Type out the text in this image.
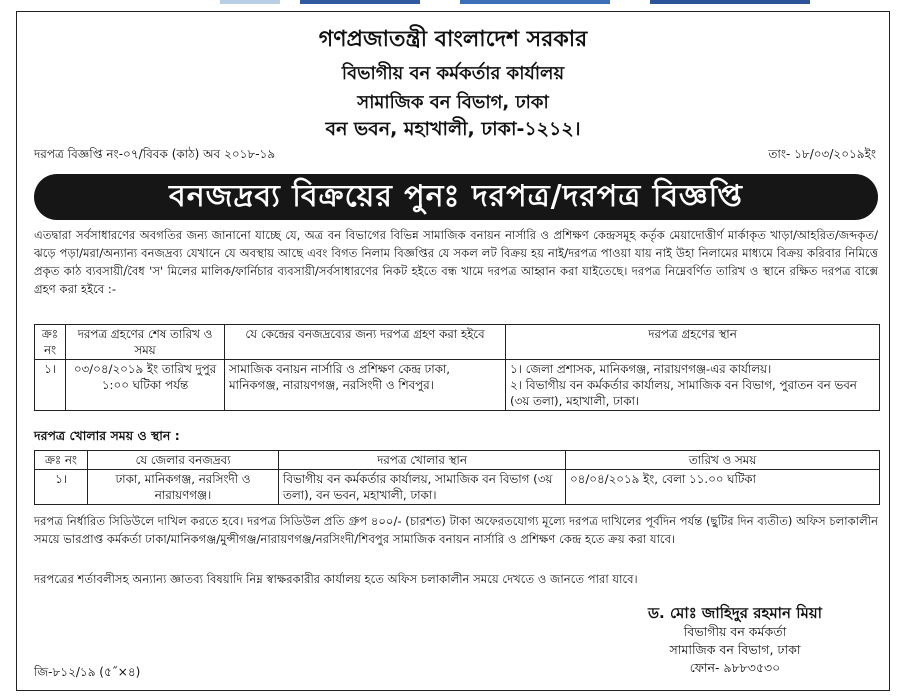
গণপ্রজাতন্ত্রী বাংলাদেশ সরকার
বিভাগীয় বন কর্মকর্তার কার্যালয়
সামাজিক বন বিভাগ, ঢাকা
বন ভবন, মহাখালী, ঢাকা-১২১২।
দরপত্র বিজ্ঞপ্তি নং-০৭/বিবক (কাঠ) অব ২০১৮-১৯	তাং- ১৮/০৩/২০১৯ইং
বনজদ্রব্য বিক্রয়ের পুনঃ দরপত্র/দরপত্র বিজ্ঞপ্তি
এতদ্বারা সর্বসাধারণের অবগতির জন্য জানানো যাচ্ছে যে, অত্র বন বিভাগের বিভিন্ন সামাজিক বনায়ন নার্সারি ও প্রশিক্ষণ কেন্দ্রসমূহ কর্তৃক মেয়াদোত্তীর্ণ মার্কাকৃত খাড়া/আহরিত/জব্দকৃত/ঝড়ে পড়া/মরা/অন্যান্য বনজদ্রব্য যেখানে যে অবস্থায় আছে এবং বিগত নিলাম বিজ্ঞপ্তির যে সকল লট বিক্রয় হয় নাই/দরপত্র পাওয়া যায় নাই উহা নিলামের মাধ্যমে বিক্রয় করিবার নিমিত্তে প্রকৃত কাঠ ব্যবসায়ী/বৈধ 'স' মিলের মালিক/ফার্নিচার ব্যবসায়ী/সর্বসাধারণের নিকট হইতে বন্ধ খামে দরপত্র আহ্বান করা যাইতেছে। দরপত্র নিম্নেবর্ণিত তারিখ ও স্থানে রক্ষিত দরপত্র বাক্সে গ্রহণ করা হইবে :-
ক্রঃ নং	দরপত্র গ্রহণের শেষ তারিখ ও সময়	যে কেন্দ্রের বনজদ্রব্যের জন্য দরপত্র গ্রহণ করা হইবে	দরপত্র গ্রহণের স্থান
১।	০৩/০৪/২০১৯ ইং তারিখ দুপুর ১:০০ ঘটিকা পর্যন্ত	সামাজিক বনায়ন নার্সারি ও প্রশিক্ষণ কেন্দ্র ঢাকা, মানিকগঞ্জ, নারায়ণগঞ্জ, নরসিংদী ও শিবপুর।	১। জেলা প্রশাসক, মানিকগঞ্জ, নারায়ণগঞ্জ-এর কার্যালয়।
২। বিভাগীয় বন কর্মকর্তার কার্যালয়, সামাজিক বন বিভাগ, পুরাতন বন ভবন (৩য় তলা), মহাখালী, ঢাকা।
দরপত্র খোলার সময় ও স্থান :
ক্রঃ নং	যে জেলার বনজদ্রব্য	দরপত্র খোলার স্থান	তারিখ ও সময়
১।	ঢাকা, মানিকগঞ্জ, নরসিংদী ও নারায়ণগঞ্জ।	বিভাগীয় বন কর্মকর্তার কার্যালয়, সামাজিক বন বিভাগ (৩য় তলা), বন ভবন, মহাখালী, ঢাকা।	০৪/০৪/২০১৯ ইং, বেলা ১১.০০ ঘটিকা
দরপত্র নির্ধারিত সিডিউলে দাখিল করতে হবে। দরপত্র সিডিউল প্রতি গ্রুপ ৪০০/- (চারশত) টাকা অফেরতযোগ্য মূল্যে দরপত্র দাখিলের পূর্বদিন পর্যন্ত (ছুটির দিন ব্যতীত) অফিস চলাকালীন সময়ে ভারপ্রাপ্ত কর্মকর্তা ঢাকা/মানিকগঞ্জ/মুন্সীগঞ্জ/নারায়ণগঞ্জ/নরসিংদী/শিবপুর সামাজিক বনায়ন নার্সারি ও প্রশিক্ষণ কেন্দ্র হতে ক্রয় করা যাবে।
দরপত্রের শর্তাবলীসহ অন্যান্য জ্ঞাতব্য বিষয়াদি নিম্ন স্বাক্ষরকারীর কার্যালয় হতে অফিস চলাকালীন সময়ে দেখতে ও জানতে পারা যাবে।
ড. মোঃ জাহিদুর রহমান মিয়া
বিভাগীয় বন কর্মকর্তা
সামাজিক বন বিভাগ, ঢাকা
ফোন- ৯৮৮৩৫৩০
জি-৮১২/১৯ (৫˝×৪)
